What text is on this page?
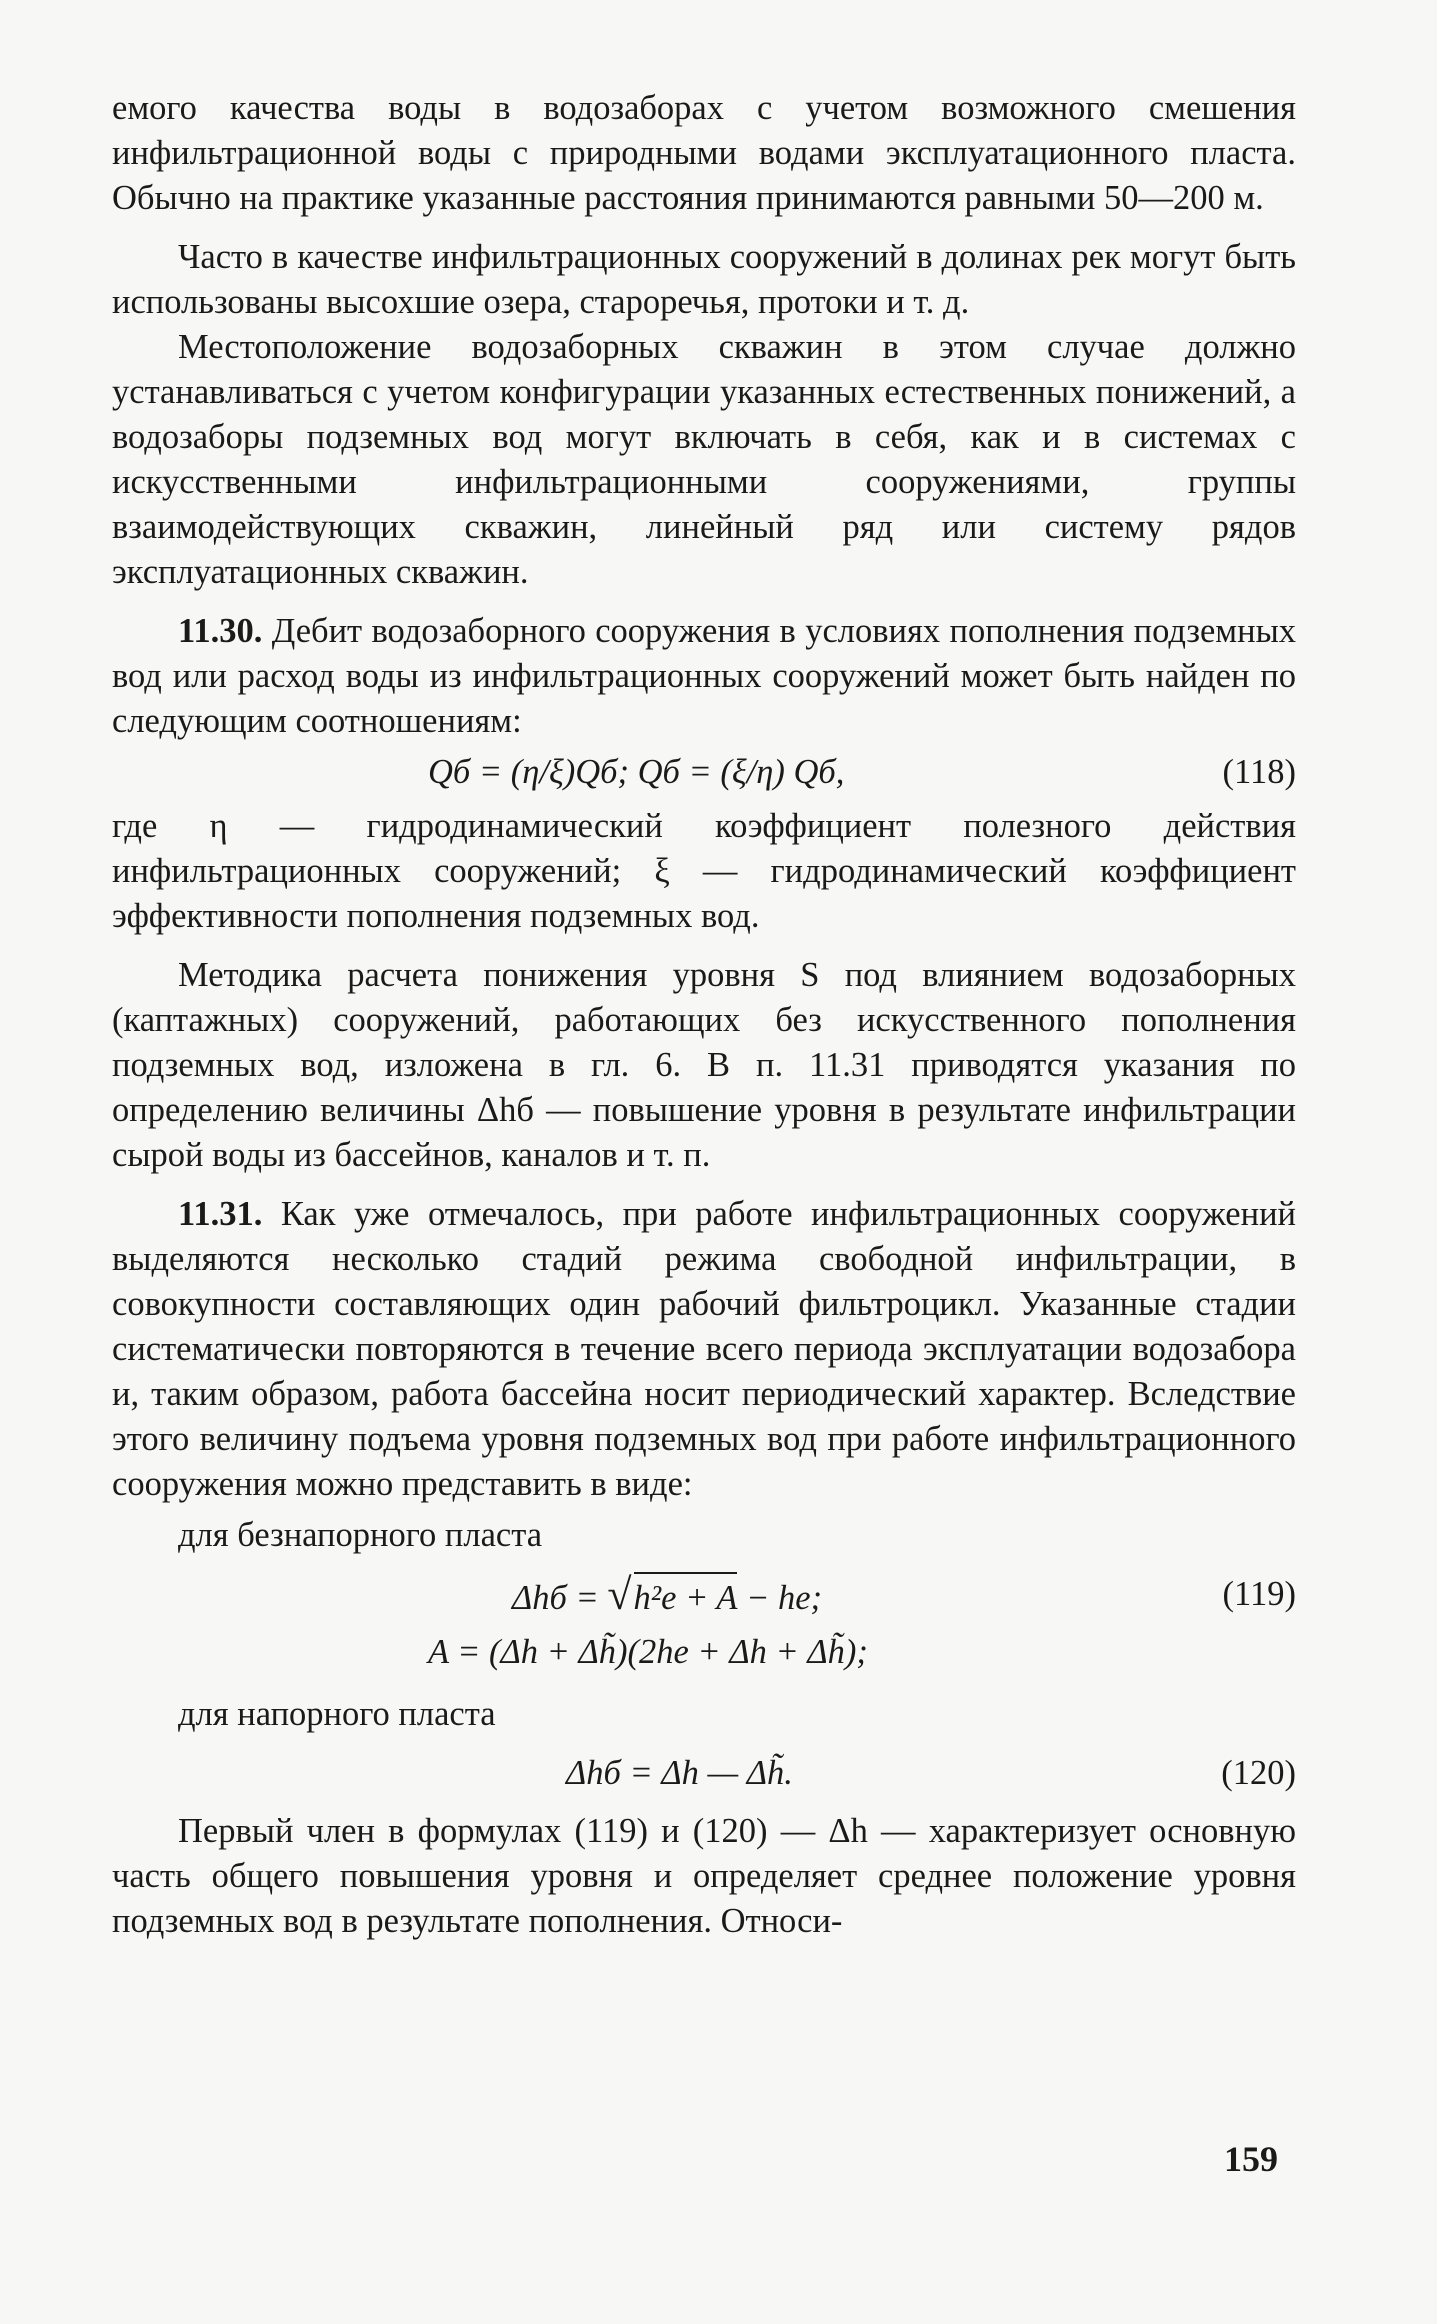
емого качества воды в водозаборах с учетом возможного смешения инфильтрационной воды с природными водами эксплуатационного пласта. Обычно на практике указанные расстояния принимаются равными 50—200 м.

Часто в качестве инфильтрационных сооружений в долинах рек могут быть использованы высохшие озера, староречья, протоки и т. д.

Местоположение водозаборных скважин в этом случае должно устанавливаться с учетом конфигурации указанных естественных понижений, а водозаборы подземных вод могут включать в себя, как и в системах с искусственными инфильтрационными сооружениями, группы взаимодействующих скважин, линейный ряд или систему рядов эксплуатационных скважин.

11.30. Дебит водозаборного сооружения в условиях пополнения подземных вод или расход воды из инфильтрационных сооружений может быть найден по следующим соотношениям:

Qб = (η/ξ)Qб; Qб = (ξ/η) Qб,	(118)

где η — гидродинамический коэффициент полезного действия инфильтрационных сооружений; ξ — гидродинамический коэффициент эффективности пополнения подземных вод.

Методика расчета понижения уровня S под влиянием водозаборных (каптажных) сооружений, работающих без искусственного пополнения подземных вод, изложена в гл. 6. В п. 11.31 приводятся указания по определению величины Δhб — повышение уровня в результате инфильтрации сырой воды из бассейнов, каналов и т. п.

11.31. Как уже отмечалось, при работе инфильтрационных сооружений выделяются несколько стадий режима свободной инфильтрации, в совокупности составляющих один рабочий фильтроцикл. Указанные стадии систематически повторяются в течение всего периода эксплуатации водозабора и, таким образом, работа бассейна носит периодический характер. Вследствие этого величину подъема уровня подземных вод при работе инфильтрационного сооружения можно представить в виде:

для безнапорного пласта

Δhб = √h²e + A − he;	(119)
A = (Δh + Δh̃)(2he + Δh + Δh̃);

для напорного пласта

Δhб = Δh — Δh̃.	(120)

Первый член в формулах (119) и (120) — Δh — характеризует основную часть общего повышения уровня и определяет среднее положение уровня подземных вод в результате пополнения. Относи-

159
